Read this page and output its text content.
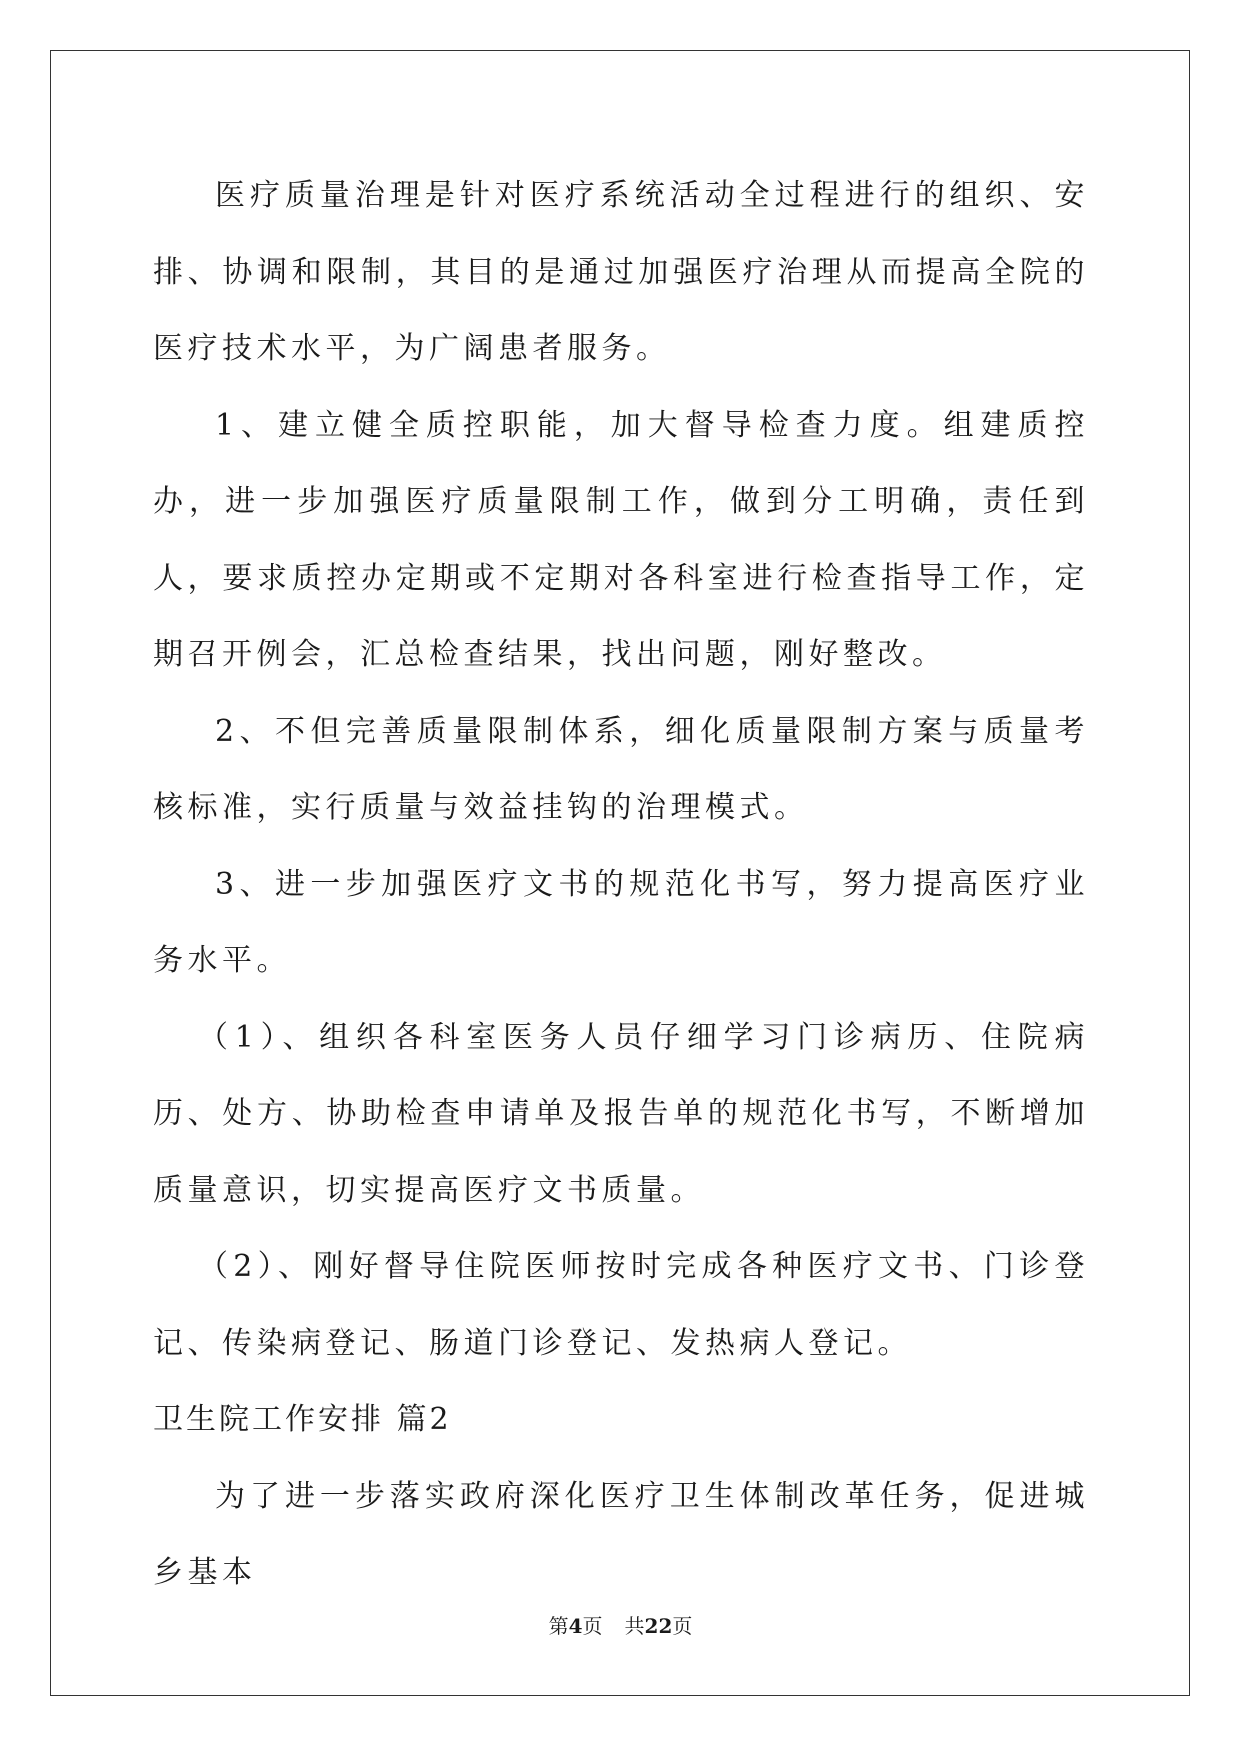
医疗质量治理是针对医疗系统活动全过程进行的组织、安排、协调和限制，其目的是通过加强医疗治理从而提高全院的医疗技术水平，为广阔患者服务。

1、建立健全质控职能，加大督导检查力度。组建质控办，进一步加强医疗质量限制工作，做到分工明确，责任到人，要求质控办定期或不定期对各科室进行检查指导工作，定期召开例会，汇总检查结果，找出问题，刚好整改。

2、不但完善质量限制体系，细化质量限制方案与质量考核标准，实行质量与效益挂钩的治理模式。

3、进一步加强医疗文书的规范化书写，努力提高医疗业务水平。

（1）、组织各科室医务人员仔细学习门诊病历、住院病历、处方、协助检查申请单及报告单的规范化书写，不断增加质量意识，切实提高医疗文书质量。

（2）、刚好督导住院医师按时完成各种医疗文书、门诊登记、传染病登记、肠道门诊登记、发热病人登记。

卫生院工作安排 篇2

为了进一步落实政府深化医疗卫生体制改革任务，促进城乡基本

第4页 共22页
